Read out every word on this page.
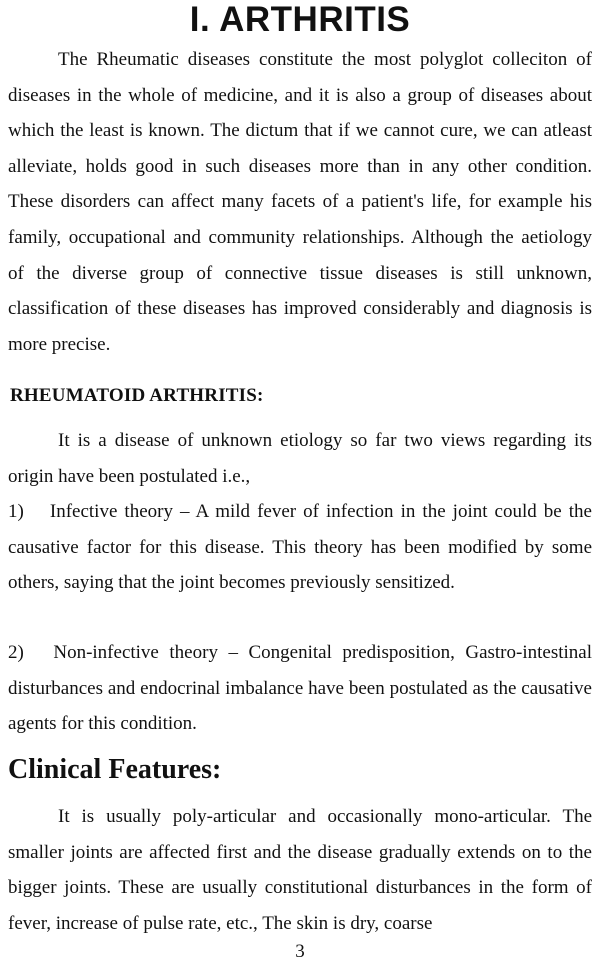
I. ARTHRITIS

The Rheumatic diseases constitute the most polyglot colleciton of diseases in the whole of medicine, and it is also a group of diseases about which the least is known. The dictum that if we cannot cure, we can atleast alleviate, holds good in such diseases more than in any other condition. These disorders can affect many facets of a patient's life, for example his family, occupational and community relationships. Although the aetiology of the diverse group of connective tissue diseases is still unknown, classification of these diseases has improved considerably and diagnosis is more precise.

RHEUMATOID ARTHRITIS:

It is a disease of unknown etiology so far two views regarding its origin have been postulated i.e.,

1)  Infective theory – A mild fever of infection in the joint could be the causative factor for this disease. This theory has been modified by some others, saying that the joint becomes previously sensitized.

2)  Non-infective theory – Congenital predisposition, Gastro-intestinal disturbances and endocrinal imbalance have been postulated as the causative agents for this condition.

Clinical Features:

It is usually poly-articular and occasionally mono-articular. The smaller joints are affected first and the disease gradually extends on to the bigger joints. These are usually constitutional disturbances in the form of fever, increase of pulse rate, etc., The skin is dry, coarse

3
